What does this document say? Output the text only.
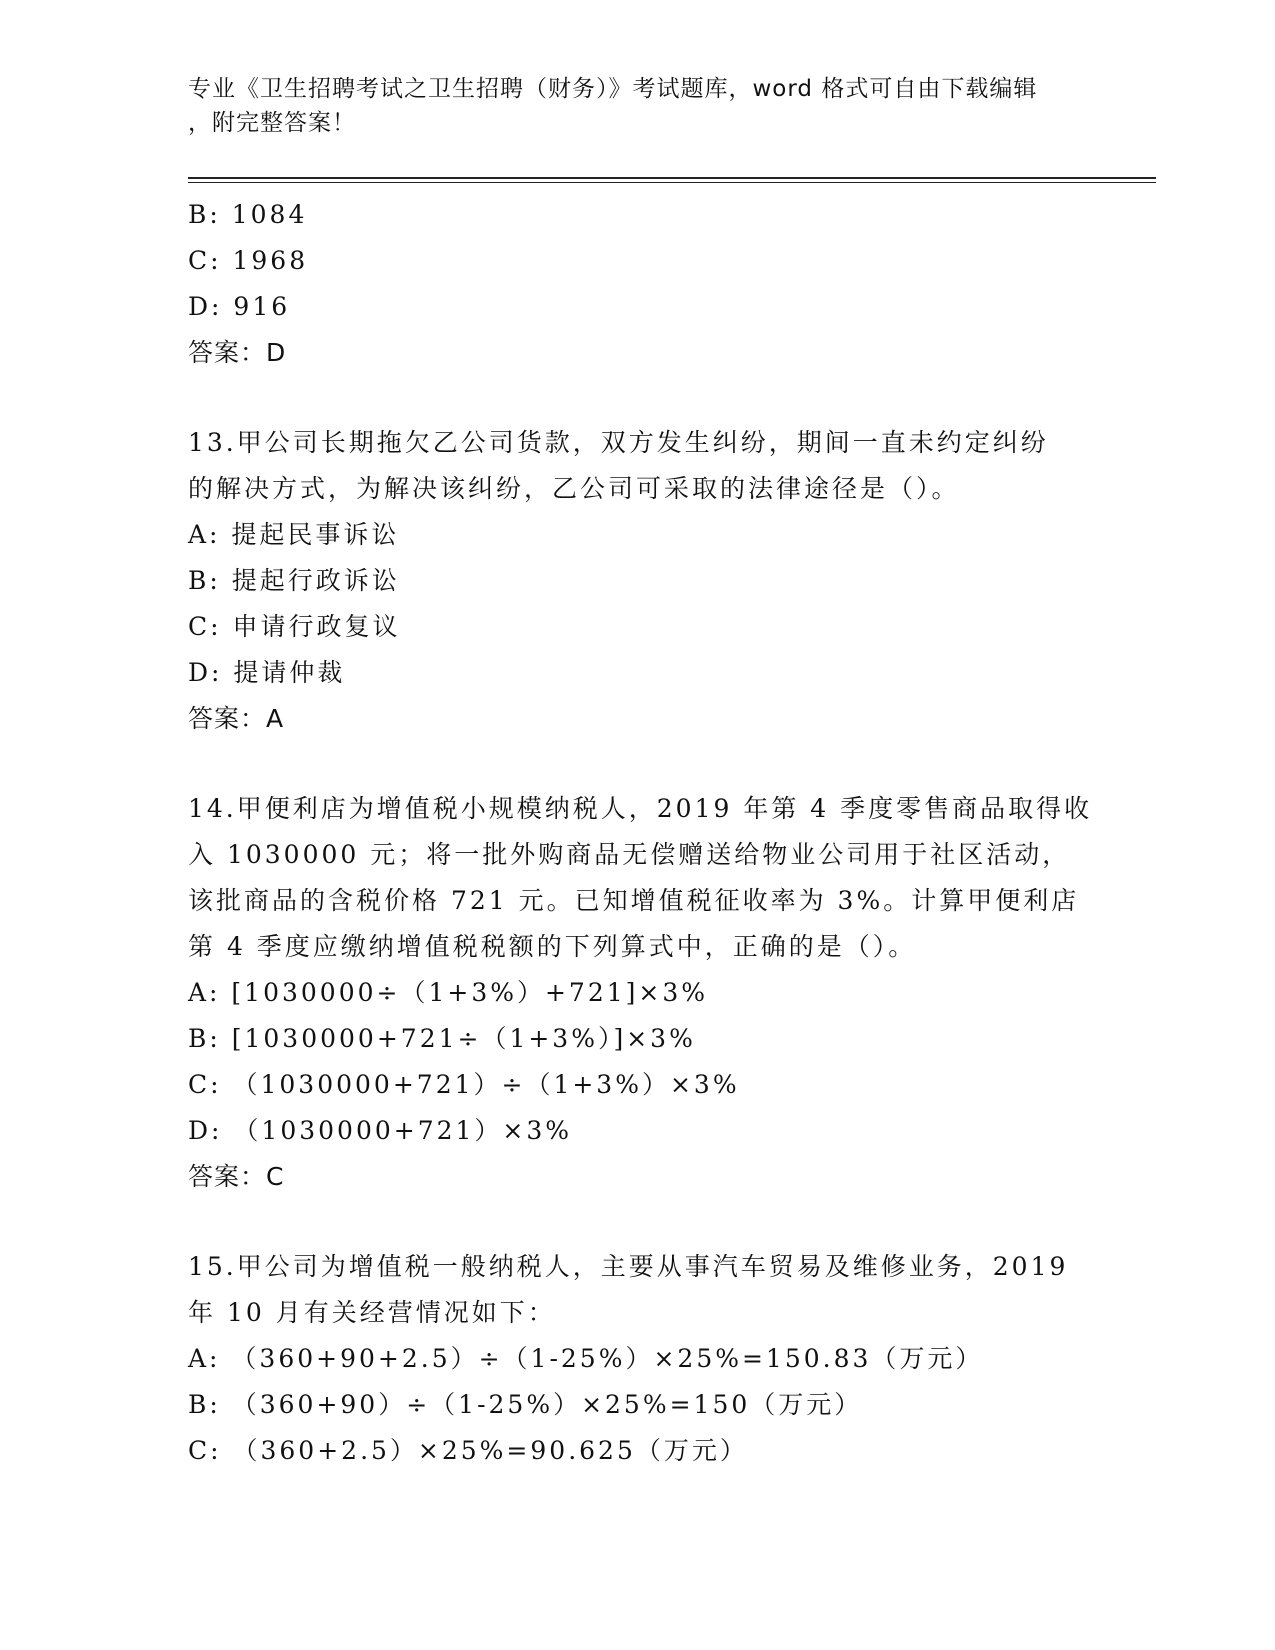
专业《卫生招聘考试之卫生招聘（财务）》考试题库，word 格式可自由下载编辑
，附完整答案！
B: 1084
C: 1968
D: 916
答案：D
13.甲公司长期拖欠乙公司货款，双方发生纠纷，期间一直未约定纠纷
的解决方式，为解决该纠纷，乙公司可采取的法律途径是（）。
A: 提起民事诉讼
B: 提起行政诉讼
C: 申请行政复议
D: 提请仲裁
答案：A
14.甲便利店为增值税小规模纳税人，2019 年第 4 季度零售商品取得收
入 1030000 元；将一批外购商品无偿赠送给物业公司用于社区活动，
该批商品的含税价格 721 元。已知增值税征收率为 3%。计算甲便利店
第 4 季度应缴纳增值税税额的下列算式中，正确的是（）。
A: [1030000÷（1+3%）+721]×3%
B: [1030000+721÷（1+3%）]×3%
C: （1030000+721）÷（1+3%）×3%
D: （1030000+721）×3%
答案：C
15.甲公司为增值税一般纳税人，主要从事汽车贸易及维修业务，2019
年 10 月有关经营情况如下：
A: （360+90+2.5）÷（1-25%）×25%=150.83（万元）
B: （360+90）÷（1-25%）×25%=150（万元）
C: （360+2.5）×25%=90.625（万元）
